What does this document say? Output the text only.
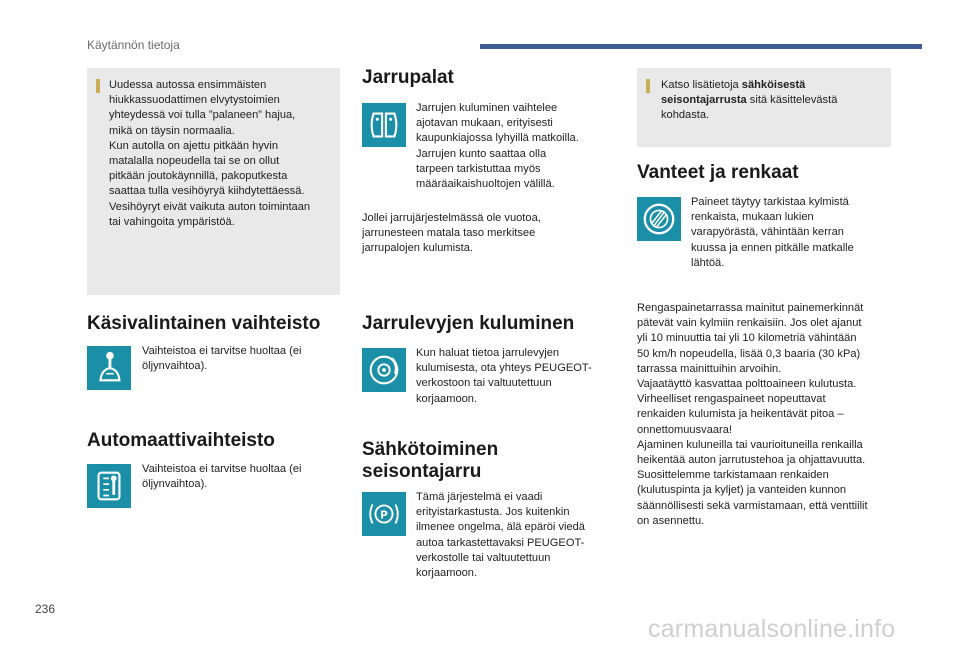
Käytännön tietoja

Uudessa autossa ensimmäisten

hiukkassuodattimen elvytystoimien

yhteydessä voi tulla ”palaneen” hajua,

mikä on täysin normaalia.

Kun autolla on ajettu pitkään hyvin

matalalla nopeudella tai se on ollut

pitkään joutokäynnillä, pakoputkesta

saattaa tulla vesihöyryä kiihdytettäessä.

Vesihöyryt eivät vaikuta auton toimintaan

tai vahingoita ympäristöä.

Käsivalintainen vaihteisto

Vaihteistoa ei tarvitse huoltaa (ei

öljynvaihtoa).

Automaattivaihteisto

Vaihteistoa ei tarvitse huoltaa (ei

öljynvaihtoa).

Jarrupalat

Jarrujen kuluminen vaihtelee

ajotavan mukaan, erityisesti

kaupunkiajossa lyhyillä matkoilla.

Jarrujen kunto saattaa olla

tarpeen tarkistuttaa myös

määräaikaishuoltojen välillä.

Jollei jarrujärjestelmässä ole vuotoa,

jarrunesteen matala taso merkitsee

jarrupalojen kulumista.

Jarrulevyjen kuluminen

Kun haluat tietoa jarrulevyjen

kulumisesta, ota yhteys PEUGEOT-

verkostoon tai valtuutettuun

korjaamoon.

Sähkötoiminen
seisontajarru
P

Tämä järjestelmä ei vaadi

erityistarkastusta. Jos kuitenkin

ilmenee ongelma, älä epäröi viedä

autoa tarkastettavaksi PEUGEOT-

verkostolle tai valtuutettuun

korjaamoon.

Katso lisätietoja sähköisestä

seisontajarrusta sitä käsittelevästä

kohdasta.

Vanteet ja renkaat

Paineet täytyy tarkistaa kylmistä

renkaista, mukaan lukien

varapyörästä, vähintään kerran

kuussa ja ennen pitkälle matkalle

lähtöä.

Rengaspainetarrassa mainitut painemerkinnät

pätevät vain kylmiin renkaisiin. Jos olet ajanut

yli 10 minuuttia tai yli 10 kilometriä vähintään

50 km/h nopeudella, lisää 0,3 baaria (30 kPa)

tarrassa mainittuihin arvoihin.

Vajaatäyttö kasvattaa polttoaineen kulutusta.

Virheelliset rengaspaineet nopeuttavat

renkaiden kulumista ja heikentävät pitoa –

onnettomuusvaara!

Ajaminen kuluneilla tai vaurioituneilla renkailla

heikentää auton jarrutustehoa ja ohjattavuutta.

Suosittelemme tarkistamaan renkaiden

(kulutuspinta ja kyljet) ja vanteiden kunnon

säännöllisesti sekä varmistamaan, että venttiilit

on asennettu.

236
carmanualsonline.info
